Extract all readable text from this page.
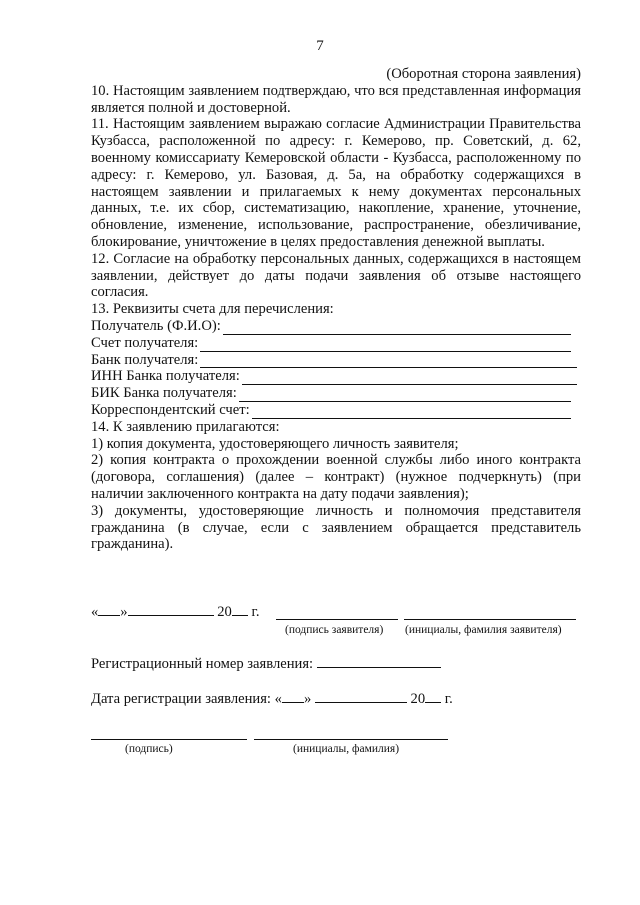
7
(Оборотная сторона заявления)
10. Настоящим заявлением подтверждаю, что вся представленная информация является полной и достоверной.
11. Настоящим заявлением выражаю согласие Администрации Правительства Кузбасса, расположенной по адресу: г. Кемерово, пр. Советский, д. 62, военному комиссариату Кемеровской области - Кузбасса, расположенному по адресу: г. Кемерово, ул. Базовая, д. 5а, на обработку содержащихся в настоящем заявлении и прилагаемых к нему документах персональных данных, т.е. их сбор, систематизацию, накопление, хранение, уточнение, обновление, изменение, использование, распространение, обезличивание, блокирование, уничтожение в целях предоставления денежной выплаты.
12. Согласие на обработку персональных данных, содержащихся в настоящем заявлении, действует до даты подачи заявления об отзыве настоящего согласия.
13. Реквизиты счета для перечисления:
Получатель (Ф.И.О):
Счет получателя:
Банк получателя:
ИНН Банка получателя:
БИК Банка получателя:
Корреспондентский счет:
14. К заявлению прилагаются:
1) копия документа, удостоверяющего личность заявителя;
2) копия контракта о прохождении военной службы либо иного контракта (договора, соглашения) (далее – контракт) (нужное подчеркнуть) (при наличии заключенного контракта на дату подачи заявления);
3) документы, удостоверяющие личность и полномочия представителя гражданина (в случае, если с заявлением обращается представитель гражданина).
« »	20 г.
(подпись заявителя) (инициалы, фамилия заявителя)
Регистрационный номер заявления:
Дата регистрации заявления: « »	20 г.
(подпись)	(инициалы, фамилия)
